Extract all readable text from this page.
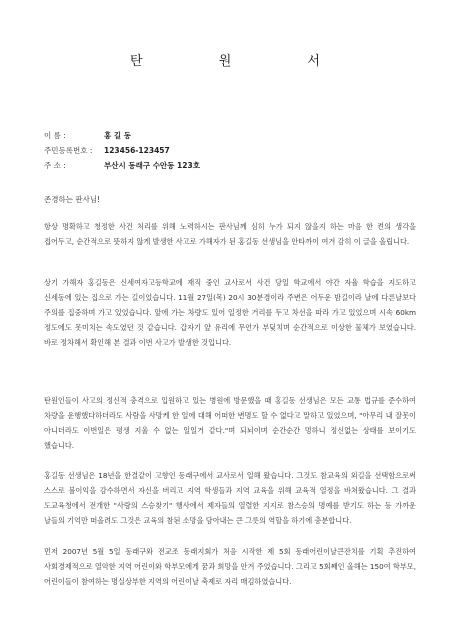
탄 원 서
이 름 :	홍 길 동
주민등록번호 :	123456-123457
주 소 :	부산시 동래구 수안동 123호

존경하는 판사님!

항상 명확하고 청정한 사건 처리를 위해 노력하시는 판사님께 심히 누가 되지 않을지 하는 마음 한 켠의 생각을 접어두고, 순간적으로 뜻하지 않게 발생한 사고로 가해자가 된 홍길동 선생님을 안타까이 여겨 감히 이 글을 올립니다.

상기 가해자 홍길동은 신세여자고등학교에 재직 중인 교사로서 사건 당일 학교에서 야간 자율 학습을 지도하고 신세동에 있는 집으로 가는 길이었습니다. 11월 27일(목) 20시 30분경이라 주변은 어두운 밤길이라 날에 다른날보다 주의를 집중하며 가고 있었습니다. 앞에 가는 차량도 있어 일정한 거리를 두고 차선을 따라 가고 있었으며 시속 60km 정도에도 못미치는 속도였던 것 같습니다. 갑자기 앞 유리에 무언가 부딪치며 순간적으로 이상한 물체가 보였습니다. 바로 정차해서 확인해 본 결과 이번 사고가 발생한 것입니다.

탄원인들이 사고의 정신적 충격으로 입원하고 있는 병원에 방문했을 때 홍길동 선생님은 모든 교통 법규를 준수하여 차량을 운행했다하더라도 사람을 사망케 한 일에 대해 어떠한 변명도 할 수 없다고 말하고 있었으며, "아무리 내 잘못이 아니더라도 이번일은 평생 지울 수 없는 일일거 같다."며 되뇌이며 순간순간 멍하니 정신없는 상태를 보이기도 했습니다.

홍길동 선생님은 18년을 한결같이 고향인 동래구에서 교사로서 일해 왔습니다. 그것도 참교육의 외길을 선택함으로써 스스로 불이익을 감수하면서 자신을 버리고 지역 학생들과 지역 교육을 위해 교육적 열정을 바쳐왔습니다. 그 결과 도교육청에서 전개한 "사랑의 스승찾기" 행사에서 제자들의 열렬한 지지로 참스승의 명예를 받기도 하는 등 가까운 날들의 기억만 떠올려도 그것은 교육의 참된 소망을 담아내는 큰 그릇의 역할을 하기에 충분합니다.

먼저 2007년 5월 5일 동래구와 전교조 동래지회가 처음 시작한 제 5회 동래어린이날큰잔치를 기획 추진하여 사회경제적으로 열악한 지역 어린이와 학부모에게 꿈과 희망을 안겨 주었습니다. 그리고 5회째인 올해는 150여 학부모, 어린이들이 참여하는 명실상부한 지역의 어린이날 축제로 자리 매김하였습니다.
